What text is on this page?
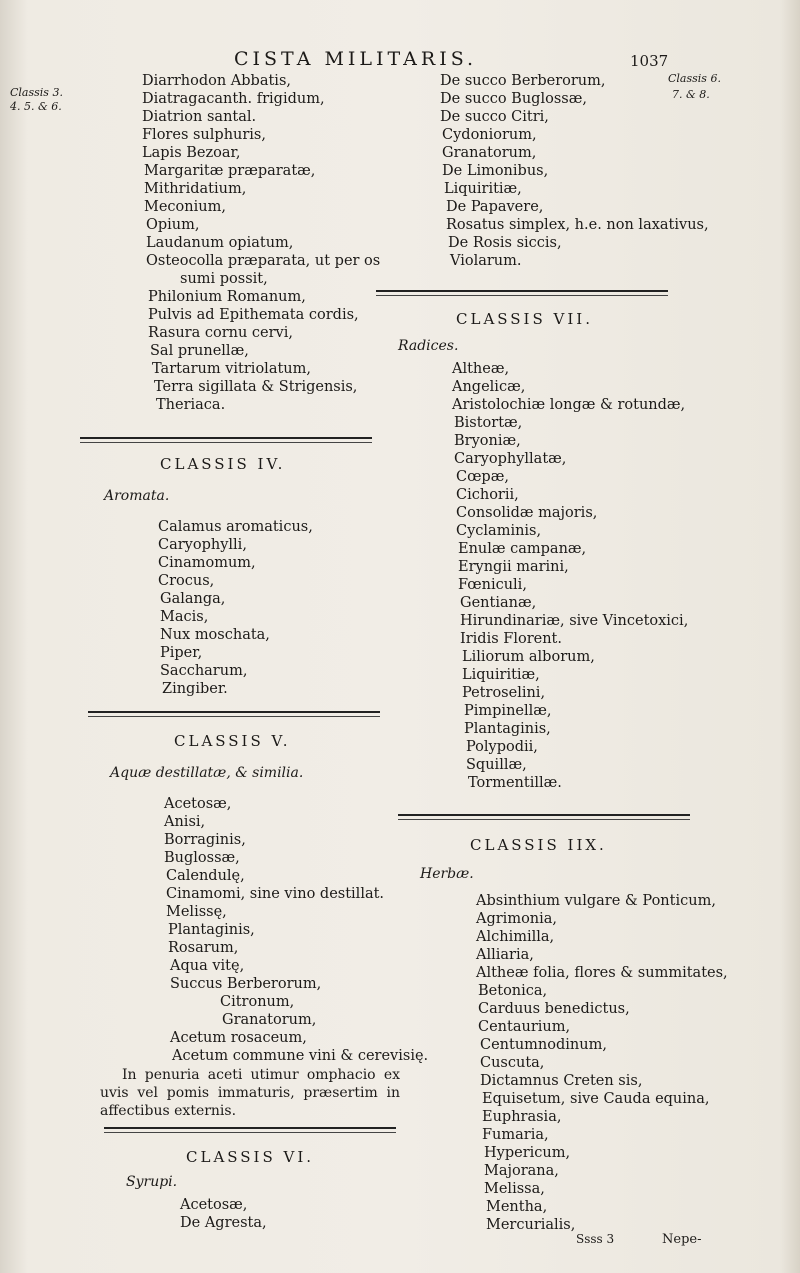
CISTA MILITARIS.	1037
Classis 3.
4. 5. & 6.
Classis 6.
7. & 8.
Diarrhodon Abbatis,
Diatragacanth. frigidum,
Diatrion santal.
Flores sulphuris,
Lapis Bezoar,
Margaritæ præparatæ,
Mithridatium,
Meconium,
Opium,
Laudanum opiatum,
Osteocolla præparata, ut per os
sumi possit,
Philonium Romanum,
Pulvis ad Epithemata cordis,
Rasura cornu cervi,
Sal prunellæ,
Tartarum vitriolatum,
Terra sigillata & Strigensis,
Theriaca.
CLASSIS IV.
Aromata.
Calamus aromaticus,
Caryophylli,
Cinamomum,
Crocus,
Galanga,
Macis,
Nux moschata,
Piper,
Saccharum,
Zingiber.
CLASSIS V.
Aquæ destillatæ, & similia.
Acetosæ,
Anisi,
Borraginis,
Buglossæ,
Calendulę,
Cinamomi, sine vino destillat.
Melissę,
Plantaginis,
Rosarum,
Aqua vitę,
Succus Berberorum,
Citronum,
Granatorum,
Acetum rosaceum,
Acetum commune vini & cerevisię.
In penuria aceti utimur omphacio ex uvis vel pomis immaturis, præsertim in affectibus externis.
CLASSIS VI.
Syrupi.
Acetosæ,
De Agresta,
De succo Berberorum,
De succo Buglossæ,
De succo Citri,
Cydoniorum,
Granatorum,
De Limonibus,
Liquiritiæ,
De Papavere,
Rosatus simplex, h.e. non laxativus,
De Rosis siccis,
Violarum.
CLASSIS VII.
Radices.
Altheæ,
Angelicæ,
Aristolochiæ longæ & rotundæ,
Bistortæ,
Bryoniæ,
Caryophyllatæ,
Cœpæ,
Cichorii,
Consolidæ majoris,
Cyclaminis,
Enulæ campanæ,
Eryngii marini,
Fœniculi,
Gentianæ,
Hirundinariæ, sive Vincetoxici,
Iridis Florent.
Liliorum alborum,
Liquiritiæ,
Petroselini,
Pimpinellæ,
Plantaginis,
Polypodii,
Squillæ,
Tormentillæ.
CLASSIS IIX.
Herbæ.
Absinthium vulgare & Ponticum,
Agrimonia,
Alchimilla,
Alliaria,
Altheæ folia, flores & summitates,
Betonica,
Carduus benedictus,
Centaurium,
Centumnodinum,
Cuscuta,
Dictamnus Creten sis,
Equisetum, sive Cauda equina,
Euphrasia,
Fumaria,
Hypericum,
Majorana,
Melissa,
Mentha,
Mercurialis,
Ssss 3	Nepe-
